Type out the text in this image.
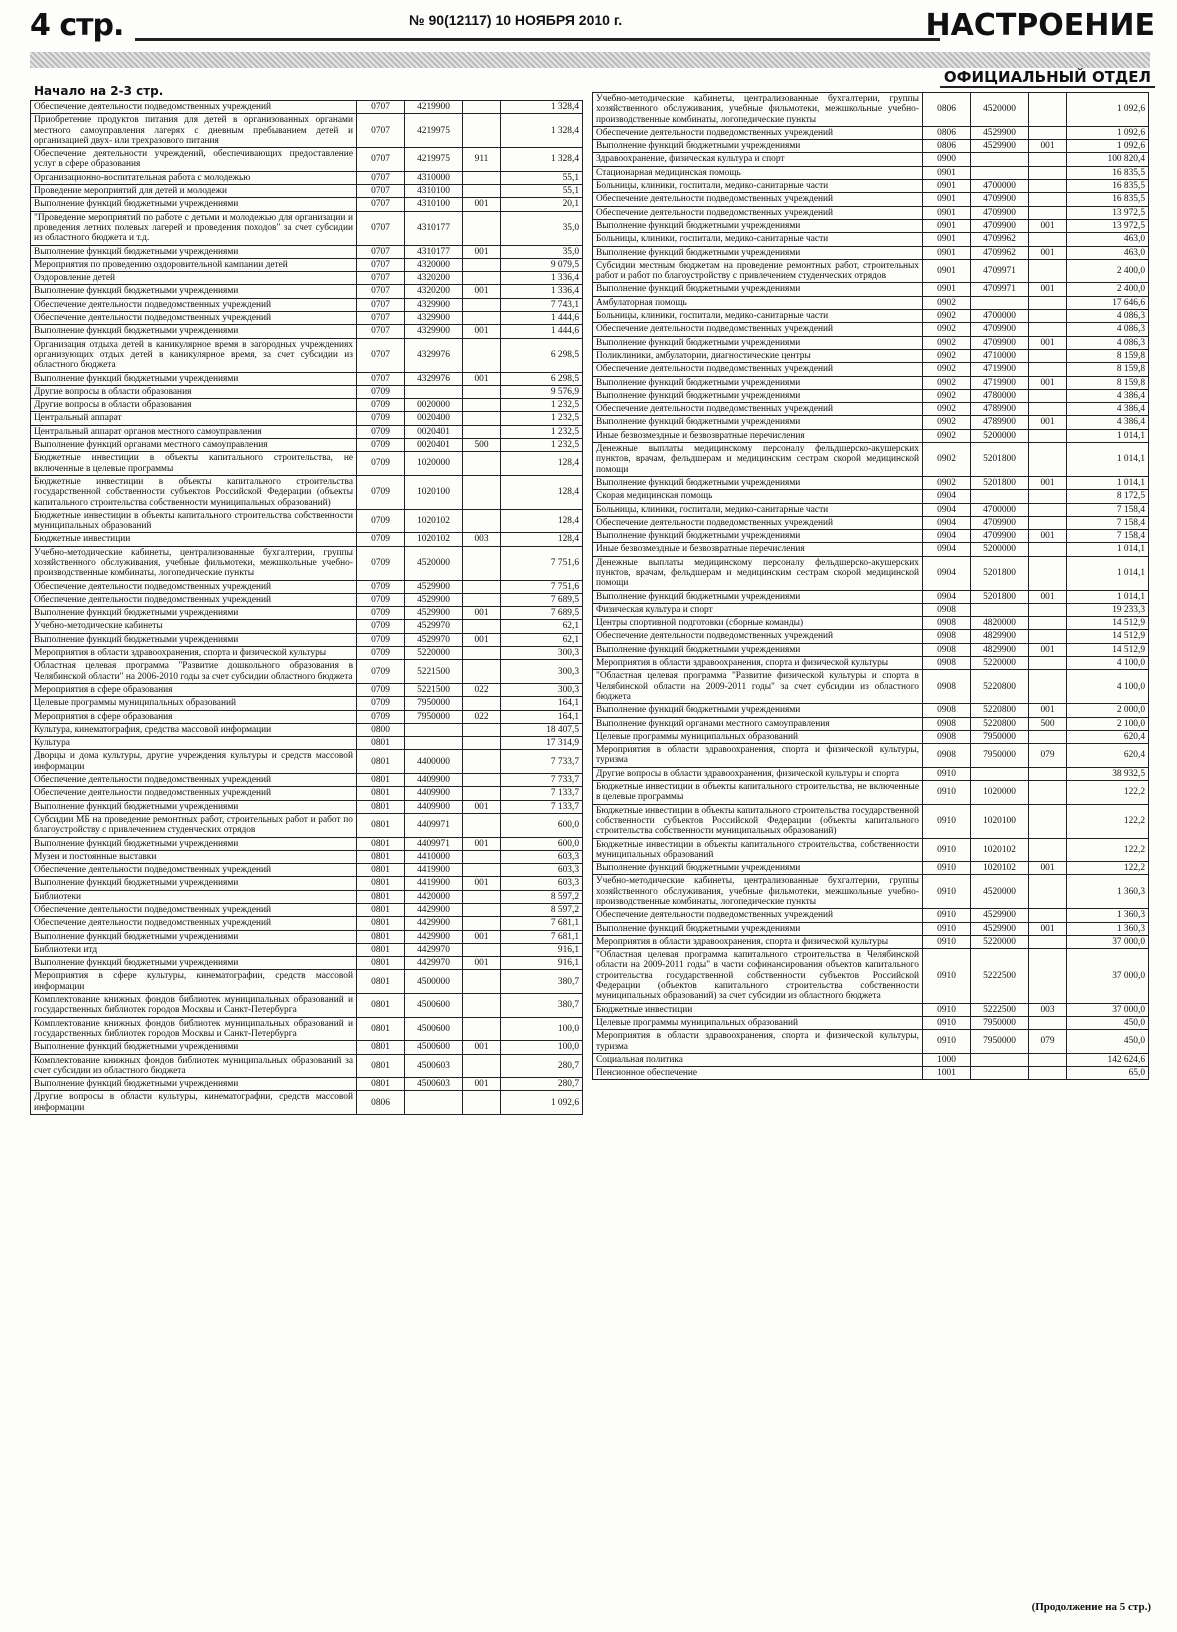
4 стр.	№ 90(12117) 10 НОЯБРЯ 2010 г.	НАСТРОЕНИЕ
ОФИЦИАЛЬНЫЙ ОТДЕЛ
Начало на 2-3 стр.
Обеспечение деятельности подведомственных учреждений	0707	4219900		1 328,4
Приобретение продуктов питания для детей в организованных органами местного самоуправления лагерях с дневным пребыванием детей и организацией двух- или трехразового питания	0707	4219975		1 328,4
Обеспечение деятельности учреждений, обеспечивающих предоставление услуг в сфере образования	0707	4219975	911	1 328,4
Организационно-воспитательная работа с молодежью	0707	4310000		55,1
Проведение мероприятий для детей и молодежи	0707	4310100		55,1
Выполнение функций бюджетными учреждениями	0707	4310100	001	20,1
"Проведение мероприятий по работе с детьми и молодежью для организации и проведения летних полевых лагерей и проведения походов" за счет субсидии из областного бюджета и т.д.	0707	4310177		35,0
Выполнение функций бюджетными учреждениями	0707	4310177	001	35,0
Мероприятия по проведению оздоровительной кампании детей	0707	4320000		9 079,5
Оздоровление детей	0707	4320200		1 336,4
Выполнение функций бюджетными учреждениями	0707	4320200	001	1 336,4
Обеспечение деятельности подведомственных учреждений	0707	4329900		7 743,1
Обеспечение деятельности подведомственных учреждений	0707	4329900		1 444,6
Выполнение функций бюджетными учреждениями	0707	4329900	001	1 444,6
Организация отдыха детей в каникулярное время в загородных учреждениях организующих отдых детей в каникулярное время, за счет субсидии из областного бюджета	0707	4329976		6 298,5
Выполнение функций бюджетными учреждениями	0707	4329976	001	6 298,5
Другие вопросы в области образования	0709			9 576,9
Другие вопросы в области образования	0709	0020000		1 232,5
Центральный аппарат	0709	0020400		1 232,5
Центральный аппарат органов местного самоуправления	0709	0020401		1 232,5
Выполнение функций органами местного самоуправления	0709	0020401	500	1 232,5
Бюджетные инвестиции в объекты капитального строительства, не включенные в целевые программы	0709	1020000		128,4
Бюджетные инвестиции в объекты капитального строительства государственной собственности субъектов Российской Федерации (объекты капитального строительства собственности муниципальных образований)	0709	1020100		128,4
Бюджетные инвестиции в объекты капитального строительства собственности муниципальных образований	0709	1020102		128,4
Бюджетные инвестиции	0709	1020102	003	128,4
Учебно-методические кабинеты, централизованные бухгалтерии, группы хозяйственного обслуживания, учебные фильмотеки, межшкольные учебно-производственные комбинаты, логопедические пункты	0709	4520000		7 751,6
Обеспечение деятельности подведомственных учреждений	0709	4529900		7 751,6
Обеспечение деятельности подведомственных учреждений	0709	4529900		7 689,5
Выполнение функций бюджетными учреждениями	0709	4529900	001	7 689,5
Учебно-методические кабинеты	0709	4529970		62,1
Выполнение функций бюджетными учреждениями	0709	4529970	001	62,1
Мероприятия в области здравоохранения, спорта и физической культуры	0709	5220000		300,3
Областная целевая программа "Развитие дошкольного образования в Челябинской области" на 2006-2010 годы за счет субсидии областного бюджета	0709	5221500		300,3
Мероприятия в сфере образования	0709	5221500	022	300,3
Целевые программы муниципальных образований	0709	7950000		164,1
Мероприятия в сфере образования	0709	7950000	022	164,1
Культура, кинематография, средства массовой информации	0800			18 407,5
Культура	0801			17 314,9
Дворцы и дома культуры, другие учреждения культуры и средств массовой информации	0801	4400000		7 733,7
Обеспечение деятельности подведомственных учреждений	0801	4409900		7 733,7
Обеспечение деятельности подведомственных учреждений	0801	4409900		7 133,7
Выполнение функций бюджетными учреждениями	0801	4409900	001	7 133,7
Субсидии МБ на проведение ремонтных работ, строительных работ и работ по благоустройству с привлечением студенческих отрядов	0801	4409971		600,0
Выполнение функций бюджетными учреждениями	0801	4409971	001	600,0
Музеи и постоянные выставки	0801	4410000		603,3
Обеспечение деятельности подведомственных учреждений	0801	4419900		603,3
Выполнение функций бюджетными учреждениями	0801	4419900	001	603,3
Библиотеки	0801	4420000		8 597,2
Обеспечение деятельности подведомственных учреждений	0801	4429900		8 597,2
Обеспечение деятельности подведомственных учреждений	0801	4429900		7 681,1
Выполнение функций бюджетными учреждениями	0801	4429900	001	7 681,1
Библиотеки итд	0801	4429970		916,1
Выполнение функций бюджетными учреждениями	0801	4429970	001	916,1
Мероприятия в сфере культуры, кинематографии, средств массовой информации	0801	4500000		380,7
Комплектование книжных фондов библиотек муниципальных образований и государственных библиотек городов Москвы и Санкт-Петербурга	0801	4500600		380,7
Комплектование книжных фондов библиотек муниципальных образований и государственных библиотек городов Москвы и Санкт-Петербурга	0801	4500600		100,0
Выполнение функций бюджетными учреждениями	0801	4500600	001	100,0
Комплектование книжных фондов библиотек муниципальных образований за счет субсидии из областного бюджета	0801	4500603		280,7
Выполнение функций бюджетными учреждениями	0801	4500603	001	280,7
Другие вопросы в области культуры, кинематографии, средств массовой информации	0806			1 092,6
Учебно-методические кабинеты, централизованные бухгалтерии, группы хозяйственного обслуживания, учебные фильмотеки, межшкольные учебно-производственные комбинаты, логопедические пункты	0806	4520000		1 092,6
Обеспечение деятельности подведомственных учреждений	0806	4529900		1 092,6
Выполнение функций бюджетными учреждениями	0806	4529900	001	1 092,6
Здравоохранение, физическая культура и спорт	0900			100 820,4
Стационарная медицинская помощь	0901			16 835,5
Больницы, клиники, госпитали, медико-санитарные части	0901	4700000		16 835,5
Обеспечение деятельности подведомственных учреждений	0901	4709900		16 835,5
Обеспечение деятельности подведомственных учреждений	0901	4709900		13 972,5
Выполнение функций бюджетными учреждениями	0901	4709900	001	13 972,5
Больницы, клиники, госпитали, медико-санитарные части	0901	4709962		463,0
Выполнение функций бюджетными учреждениями	0901	4709962	001	463,0
Субсидии местным бюджетам на проведение ремонтных работ, строительных работ и работ по благоустройству с привлечением студенческих отрядов	0901	4709971		2 400,0
Выполнение функций бюджетными учреждениями	0901	4709971	001	2 400,0
Амбулаторная помощь	0902			17 646,6
Больницы, клиники, госпитали, медико-санитарные части	0902	4700000		4 086,3
Обеспечение деятельности подведомственных учреждений	0902	4709900		4 086,3
Выполнение функций бюджетными учреждениями	0902	4709900	001	4 086,3
Поликлиники, амбулатории, диагностические центры	0902	4710000		8 159,8
Обеспечение деятельности подведомственных учреждений	0902	4719900		8 159,8
Выполнение функций бюджетными учреждениями	0902	4719900	001	8 159,8
Выполнение функций бюджетными учреждениями	0902	4780000		4 386,4
Обеспечение деятельности подведомственных учреждений	0902	4789900		4 386,4
Выполнение функций бюджетными учреждениями	0902	4789900	001	4 386,4
Иные безвозмездные и безвозвратные перечисления	0902	5200000		1 014,1
Денежные выплаты медицинскому персоналу фельдшерско-акушерских пунктов, врачам, фельдшерам и медицинским сестрам скорой медицинской помощи	0902	5201800		1 014,1
Выполнение функций бюджетными учреждениями	0902	5201800	001	1 014,1
Скорая медицинская помощь	0904			8 172,5
Больницы, клиники, госпитали, медико-санитарные части	0904	4700000		7 158,4
Обеспечение деятельности подведомственных учреждений	0904	4709900		7 158,4
Выполнение функций бюджетными учреждениями	0904	4709900	001	7 158,4
Иные безвозмездные и безвозвратные перечисления	0904	5200000		1 014,1
Денежные выплаты медицинскому персоналу фельдшерско-акушерских пунктов, врачам, фельдшерам и медицинским сестрам скорой медицинской помощи	0904	5201800		1 014,1
Выполнение функций бюджетными учреждениями	0904	5201800	001	1 014,1
Физическая культура и спорт	0908			19 233,3
Центры спортивной подготовки (сборные команды)	0908	4820000		14 512,9
Обеспечение деятельности подведомственных учреждений	0908	4829900		14 512,9
Выполнение функций бюджетными учреждениями	0908	4829900	001	14 512,9
Мероприятия в области здравоохранения, спорта и физической культуры	0908	5220000		4 100,0
"Областная целевая программа "Развитие физической культуры и спорта в Челябинской области на 2009-2011 годы" за счет субсидии из областного бюджета	0908	5220800		4 100,0
Выполнение функций бюджетными учреждениями	0908	5220800	001	2 000,0
Выполнение функций органами местного самоуправления	0908	5220800	500	2 100,0
Целевые программы муниципальных образований	0908	7950000		620,4
Мероприятия в области здравоохранения, спорта и физической культуры, туризма	0908	7950000	079	620,4
Другие вопросы в области здравоохранения, физической культуры и спорта	0910			38 932,5
Бюджетные инвестиции в объекты капитального строительства, не включенные в целевые программы	0910	1020000		122,2
Бюджетные инвестиции в объекты капитального строительства государственной собственности субъектов Российской Федерации (объекты капитального строительства собственности муниципальных образований)	0910	1020100		122,2
Бюджетные инвестиции в объекты капитального строительства, собственности муниципальных образований	0910	1020102		122,2
Выполнение функций бюджетными учреждениями	0910	1020102	001	122,2
Учебно-методические кабинеты, централизованные бухгалтерии, группы хозяйственного обслуживания, учебные фильмотеки, межшкольные учебно-производственные комбинаты, логопедические пункты	0910	4520000		1 360,3
Обеспечение деятельности подведомственных учреждений	0910	4529900		1 360,3
Выполнение функций бюджетными учреждениями	0910	4529900	001	1 360,3
Мероприятия в области здравоохранения, спорта и физической культуры	0910	5220000		37 000,0
"Областная целевая программа капитального строительства в Челябинской области на 2009-2011 годы" в части софинансирования объектов капитального строительства государственной собственности субъектов Российской Федерации (объектов капитального строительства собственности муниципальных образований) за счет субсидии из областного бюджета	0910	5222500		37 000,0
Бюджетные инвестиции	0910	5222500	003	37 000,0
Целевые программы муниципальных образований	0910	7950000		450,0
Мероприятия в области здравоохранения, спорта и физической культуры, туризма	0910	7950000	079	450,0
Социальная политика	1000			142 624,6
Пенсионное обеспечение	1001			65,0
(Продолжение на 5 стр.)
